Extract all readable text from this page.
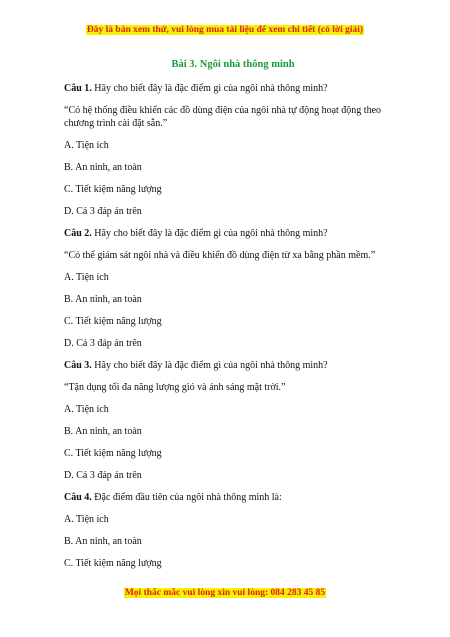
Đây là bản xem thử, vui lòng mua tài liệu để xem chi tiết (có lời giải)
Bài 3. Ngôi nhà thông minh
Câu 1. Hãy cho biết đây là đặc điểm gì của ngôi nhà thông minh?
“Có hệ thống điều khiển các đồ dùng điện của ngôi nhà tự động hoạt động theo chương trình cài đặt sẵn.”
A. Tiện ích
B. An ninh, an toàn
C. Tiết kiệm năng lượng
D. Cả 3 đáp án trên
Câu 2. Hãy cho biết đây là đặc điểm gì của ngôi nhà thông minh?
“Có thể giám sát ngôi nhà và điều khiển đồ dùng điện từ xa bằng phần mềm.”
A. Tiện ích
B. An ninh, an toàn
C. Tiết kiệm năng lượng
D. Cả 3 đáp án trên
Câu 3. Hãy cho biết đây là đặc điểm gì của ngôi nhà thông minh?
“Tận dụng tối đa năng lượng gió và ánh sáng mặt trời.”
A. Tiện ích
B. An ninh, an toàn
C. Tiết kiệm năng lượng
D. Cả 3 đáp án trên
Câu 4. Đặc điểm đầu tiên của ngôi nhà thông minh là:
A. Tiện ích
B. An ninh, an toàn
C. Tiết kiệm năng lượng
Mọi thắc mắc vui lòng xin vui lòng: 084 283 45 85
